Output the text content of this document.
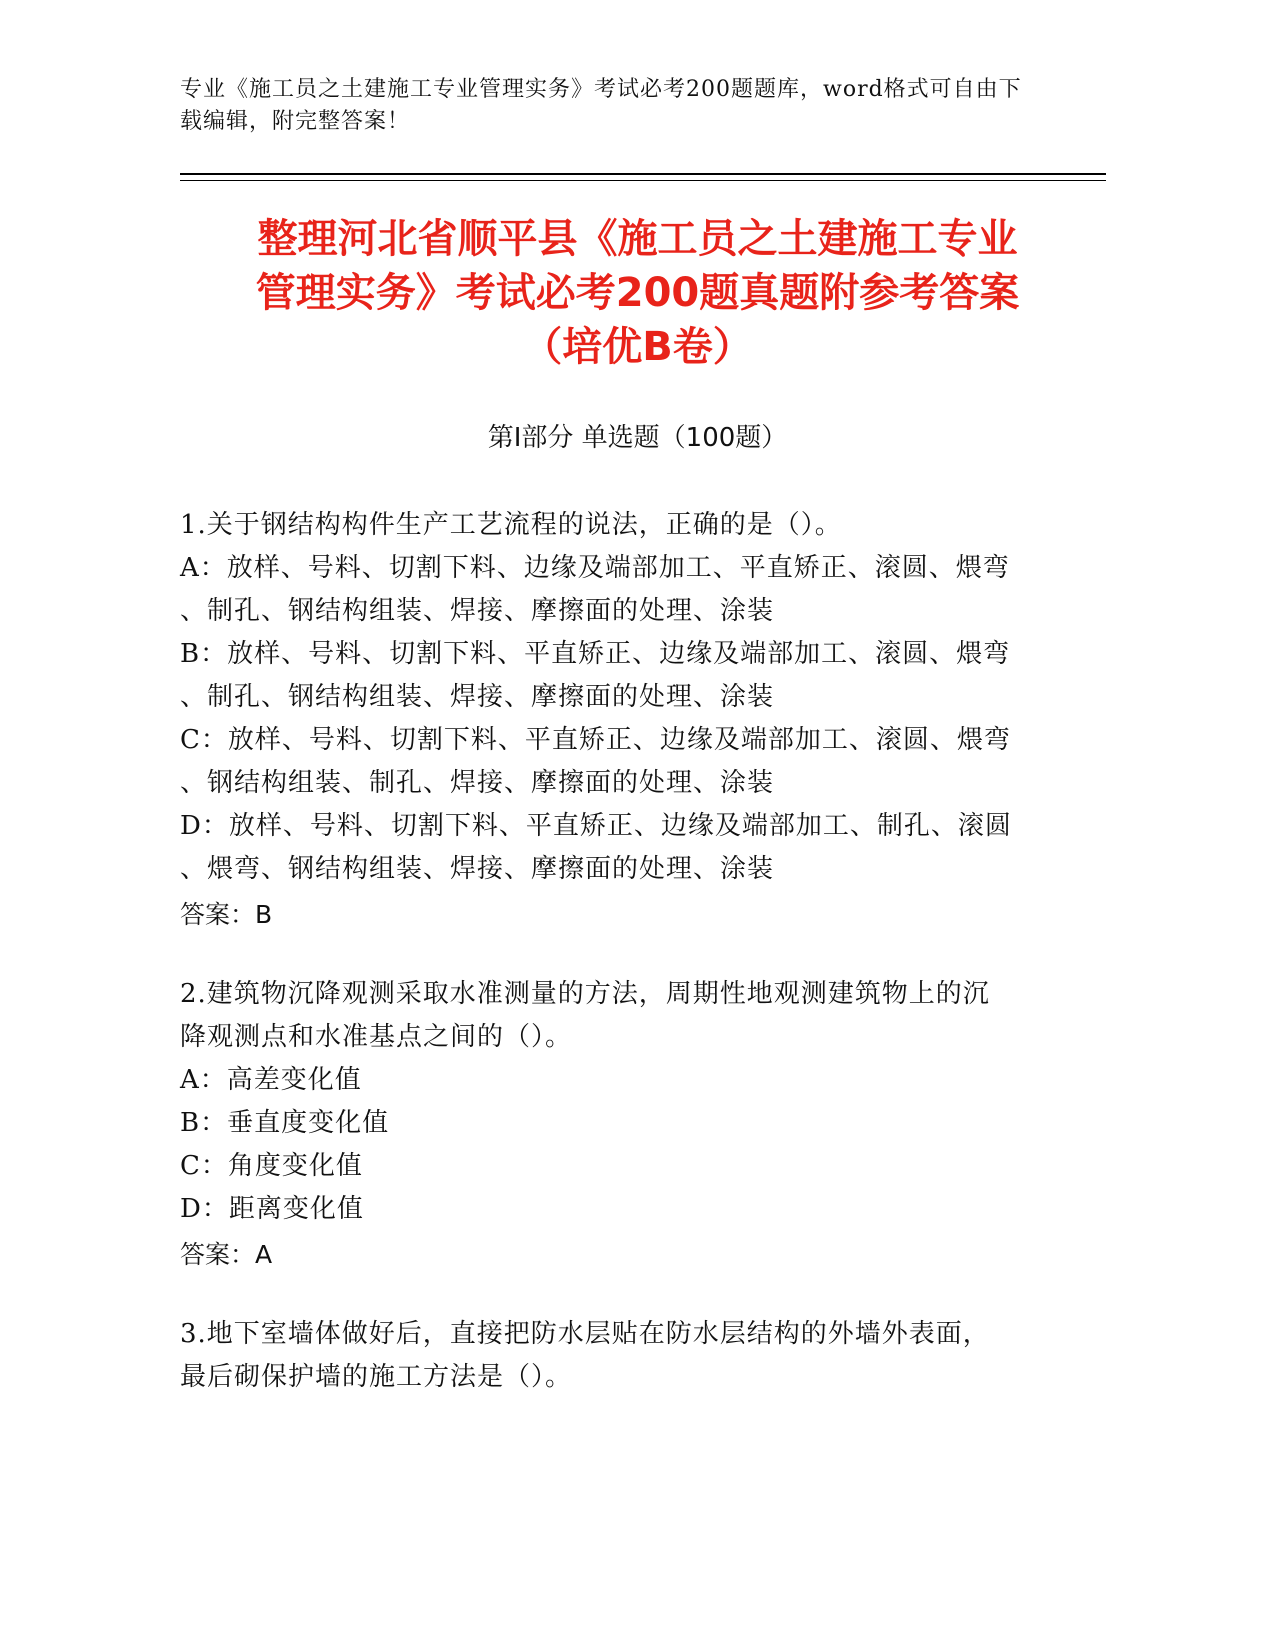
专业《施工员之土建施工专业管理实务》考试必考200题题库，word格式可自由下载编辑，附完整答案！
整理河北省顺平县《施工员之土建施工专业
管理实务》考试必考200题真题附参考答案
（培优B卷）
第Ⅰ部分 单选题（100题）

1.关于钢结构构件生产工艺流程的说法，正确的是（）。

A：放样、号料、切割下料、边缘及端部加工、平直矫正、滚圆、煨弯

、制孔、钢结构组装、焊接、摩擦面的处理、涂装

B：放样、号料、切割下料、平直矫正、边缘及端部加工、滚圆、煨弯

、制孔、钢结构组装、焊接、摩擦面的处理、涂装

C：放样、号料、切割下料、平直矫正、边缘及端部加工、滚圆、煨弯

、钢结构组装、制孔、焊接、摩擦面的处理、涂装

D：放样、号料、切割下料、平直矫正、边缘及端部加工、制孔、滚圆

、煨弯、钢结构组装、焊接、摩擦面的处理、涂装

答案：B

2.建筑物沉降观测采取水准测量的方法，周期性地观测建筑物上的沉

降观测点和水准基点之间的（）。

A：高差变化值

B：垂直度变化值

C：角度变化值

D：距离变化值

答案：A

3.地下室墙体做好后，直接把防水层贴在防水层结构的外墙外表面，

最后砌保护墙的施工方法是（）。
